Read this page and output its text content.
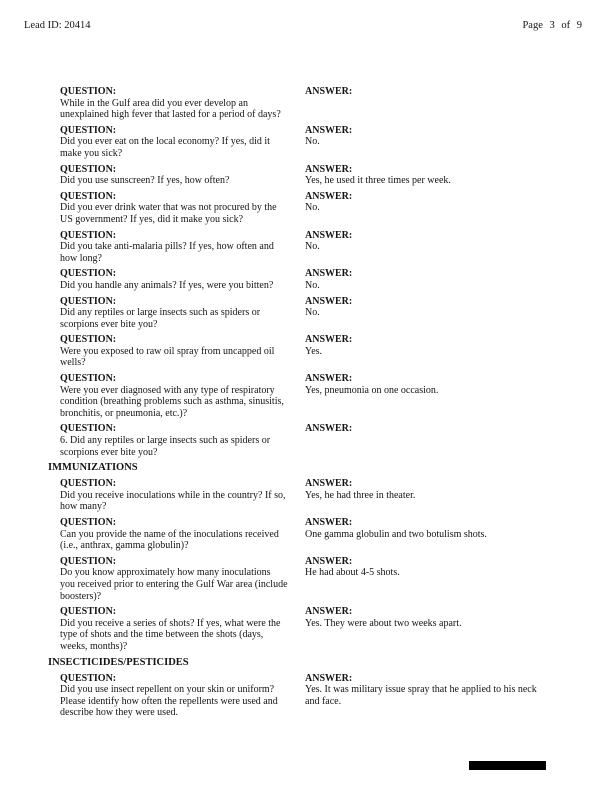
Lead ID: 20414	Page 3 of 9
QUESTION:
While in the Gulf area did you ever develop an unexplained high fever that lasted for a period of days?
ANSWER:
QUESTION:
Did you ever eat on the local economy? If yes, did it make you sick?
ANSWER:
No.
QUESTION:
Did you use sunscreen? If yes, how often?
ANSWER:
Yes, he used it three times per week.
QUESTION:
Did you ever drink water that was not procured by the US government? If yes, did it make you sick?
ANSWER:
No.
QUESTION:
Did you take anti-malaria pills? If yes, how often and how long?
ANSWER:
No.
QUESTION:
Did you handle any animals? If yes, were you bitten?
ANSWER:
No.
QUESTION:
Did any reptiles or large insects such as spiders or scorpions ever bite you?
ANSWER:
No.
QUESTION:
Were you exposed to raw oil spray from uncapped oil wells?
ANSWER:
Yes.
QUESTION:
Were you ever diagnosed with any type of respiratory condition (breathing problems such as asthma, sinusitis, bronchitis, or pneumonia, etc.)?
ANSWER:
Yes, pneumonia on one occasion.
QUESTION:
6. Did any reptiles or large insects such as spiders or scorpions ever bite you?
ANSWER:
IMMUNIZATIONS
QUESTION:
Did you receive inoculations while in the country? If so, how many?
ANSWER:
Yes, he had three in theater.
QUESTION:
Can you provide the name of the inoculations received (i.e., anthrax, gamma globulin)?
ANSWER:
One gamma globulin and two botulism shots.
QUESTION:
Do you know approximately how many inoculations you received prior to entering the Gulf War area (include boosters)?
ANSWER:
He had about 4-5 shots.
QUESTION:
Did you receive a series of shots? If yes, what were the type of shots and the time between the shots (days, weeks, months)?
ANSWER:
Yes. They were about two weeks apart.
INSECTICIDES/PESTICIDES
QUESTION:
Did you use insect repellent on your skin or uniform? Please identify how often the repellents were used and describe how they were used.
ANSWER:
Yes. It was military issue spray that he applied to his neck and face.
